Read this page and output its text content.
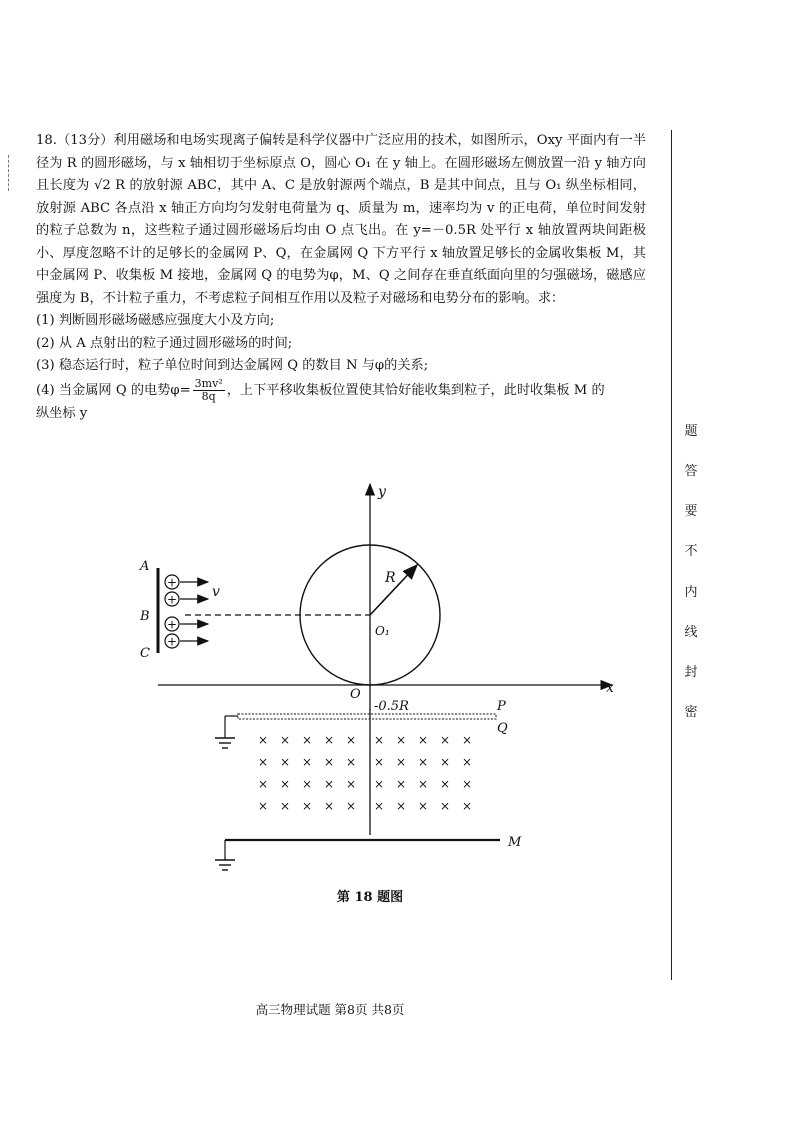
18.（13分）利用磁场和电场实现离子偏转是科学仪器中广泛应用的技术，如图所示，Oxy 平面内有一半径为 R 的圆形磁场，与 x 轴相切于坐标原点 O，圆心 O₁ 在 y 轴上。在圆形磁场左侧放置一沿 y 轴方向且长度为 √2 R 的放射源 ABC，其中 A、C 是放射源两个端点，B 是其中间点，且与 O₁ 纵坐标相同，放射源 ABC 各点沿 x 轴正方向均匀发射电荷量为 q、质量为 m，速率均为 v 的正电荷，单位时间发射的粒子总数为 n，这些粒子通过圆形磁场后均由 O 点飞出。在 y=－0.5R 处平行 x 轴放置两块间距极小、厚度忽略不计的足够长的金属网 P、Q，在金属网 Q 下方平行 x 轴放置足够长的金属收集板 M，其中金属网 P、收集板 M 接地，金属网 Q 的电势为φ，M、Q 之间存在垂直纸面向里的匀强磁场，磁感应强度为 B，不计粒子重力，不考虑粒子间相互作用以及粒子对磁场和电势分布的影响。求：

(1) 判断圆形磁场磁感应强度大小及方向;

(2) 从 A 点射出的粒子通过圆形磁场的时间;

(3) 稳态运行时，粒子单位时间到达金属网 Q 的数目 N 与φ的关系;

(4) 当金属网 Q 的电势$\varphi= \frac{\text{3mv²}}{8q}$ ，上下平移收集板位置使其恰好能收集到粒子，此时收集板 M 的

纵坐标 y

y
x
R
O₁
O
A
B
C
+
+
+
+
v
-0.5R	P
Q
× × × × × × × × × ×
× × × × × × × × × ×
× × × × × × × × × ×
× × × × × × × × × ×
M
第 18 题图
高三物理试题 第8页 共8页
题
答
要
不
内
线
封
密
